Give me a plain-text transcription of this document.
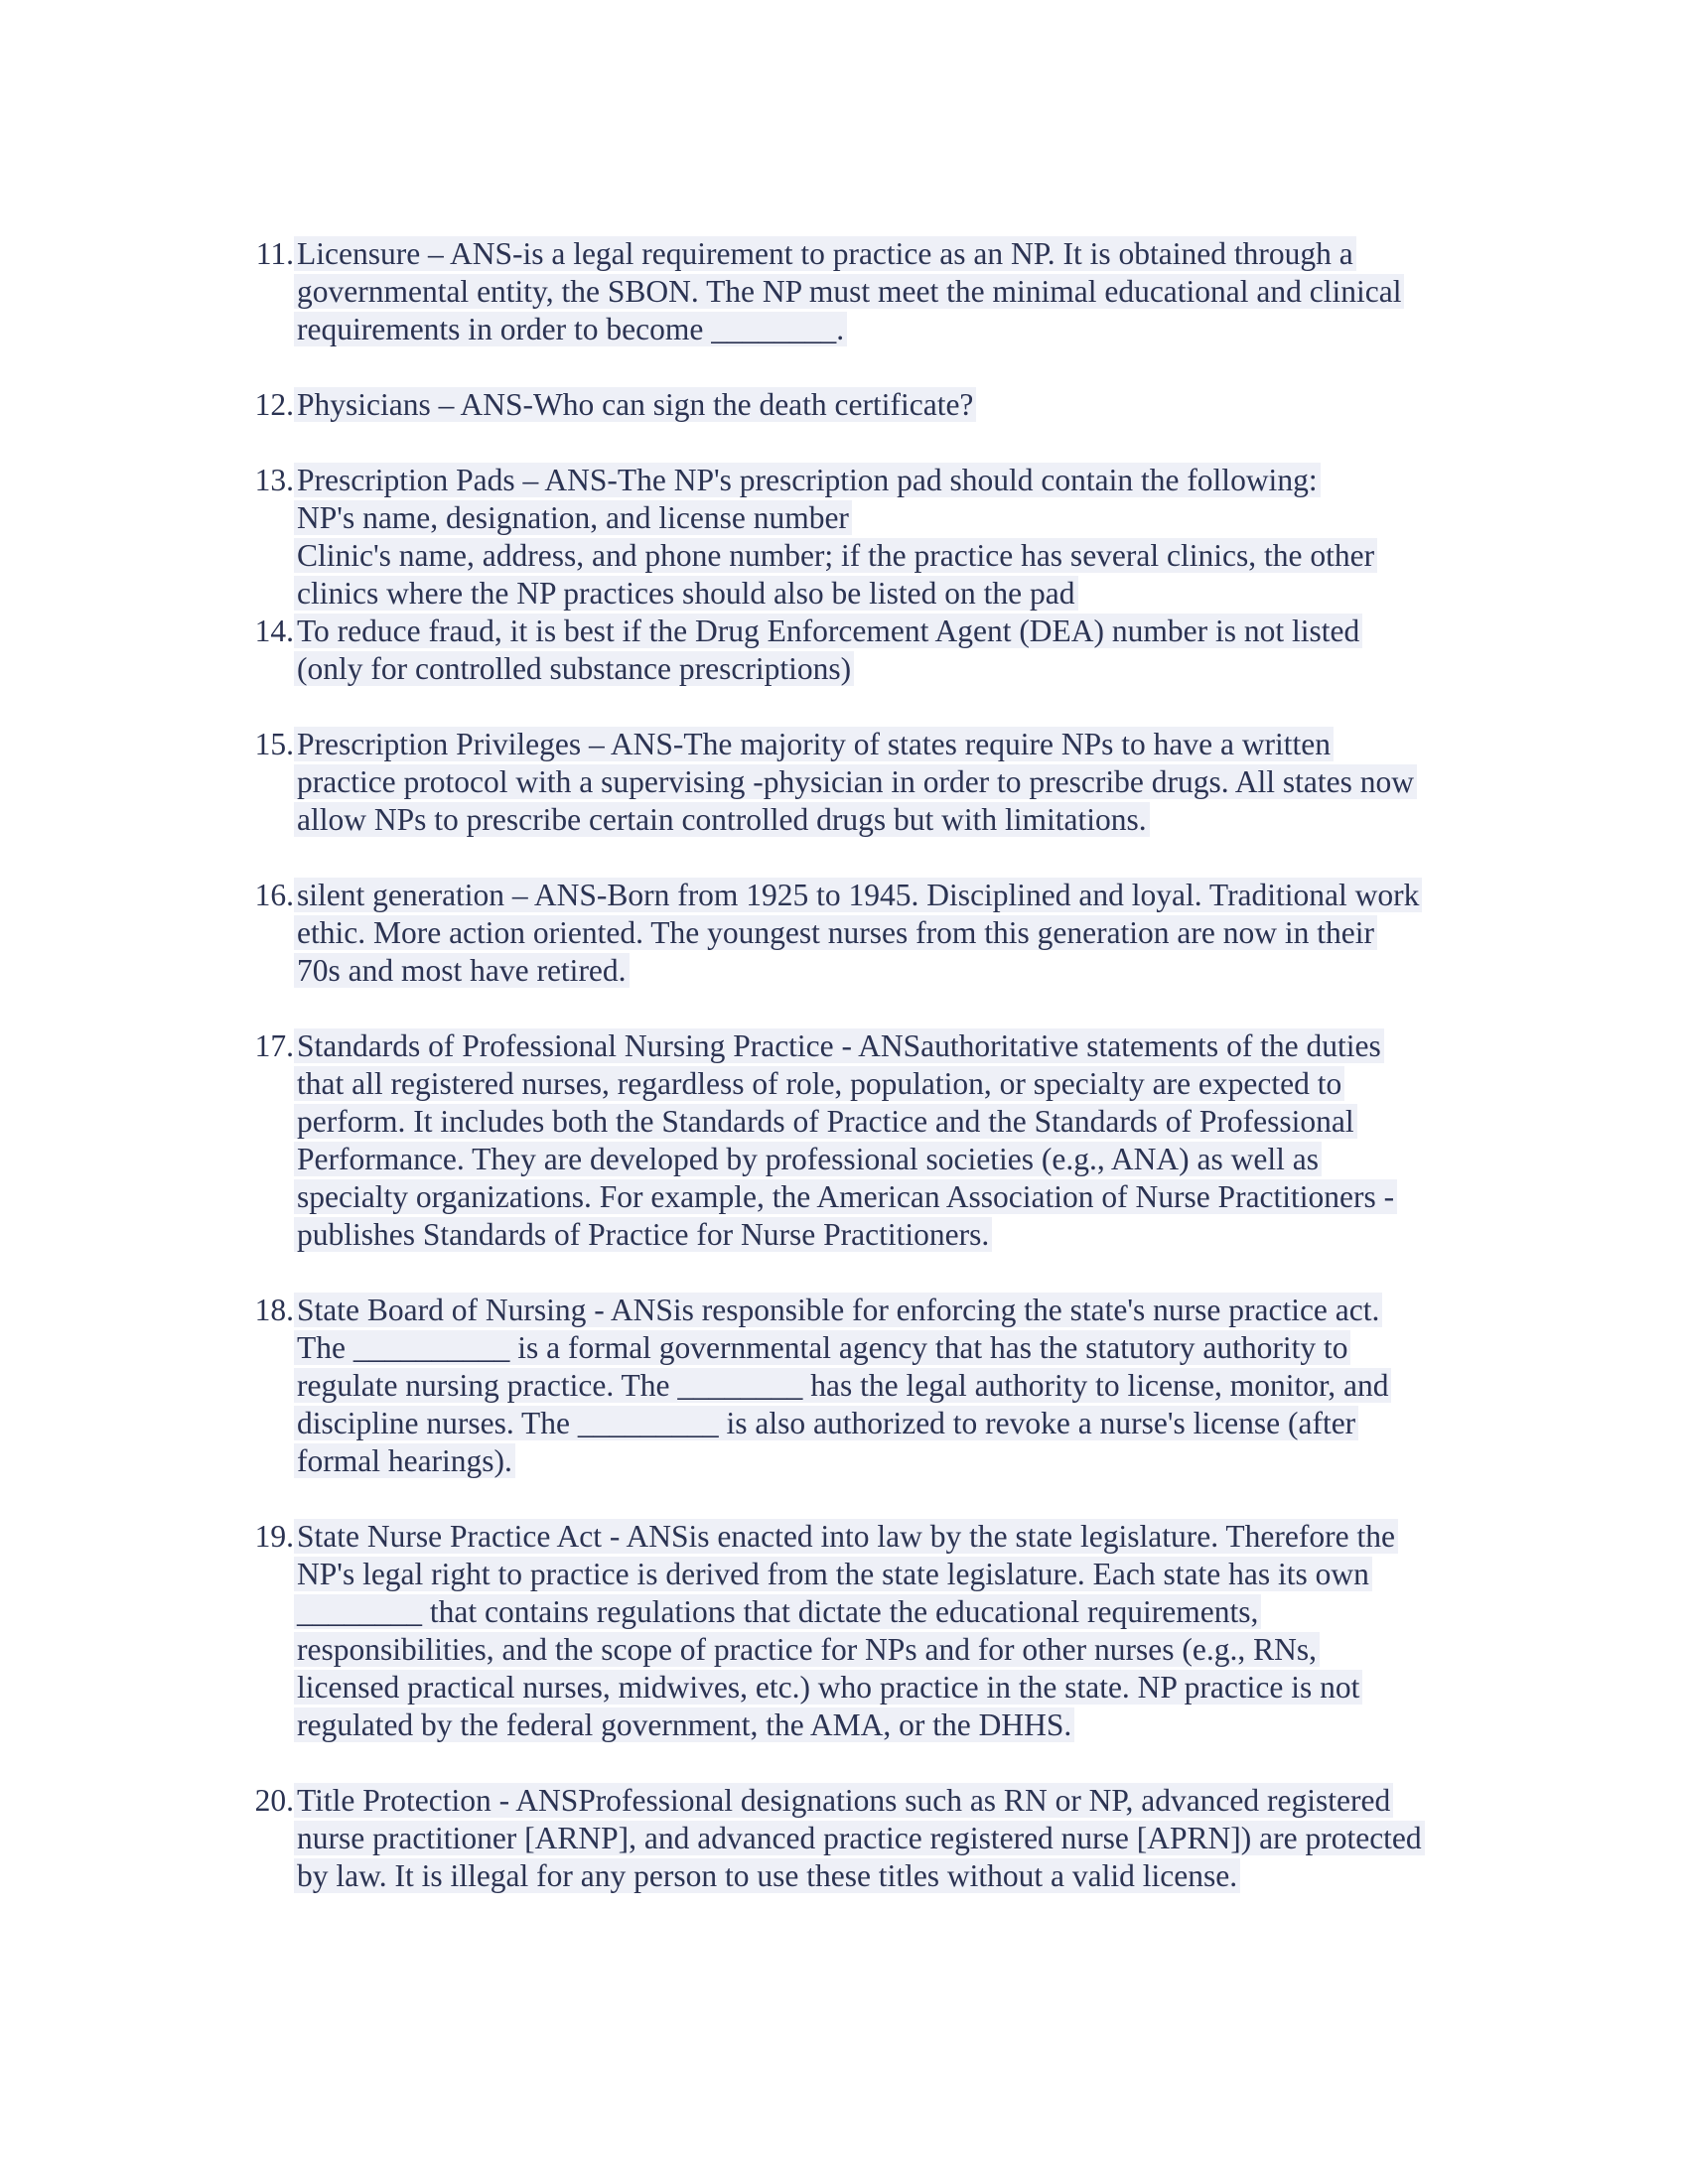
11. Licensure – ANS-is a legal requirement to practice as an NP. It is obtained through a
governmental entity, the SBON. The NP must meet the minimal educational and clinical
requirements in order to become ________.
12. Physicians – ANS-Who can sign the death certificate?
13. Prescription Pads – ANS-The NP's prescription pad should contain the following:
NP's name, designation, and license number
Clinic's name, address, and phone number; if the practice has several clinics, the other
clinics where the NP practices should also be listed on the pad
14. To reduce fraud, it is best if the Drug Enforcement Agent (DEA) number is not listed
(only for controlled substance prescriptions)
15. Prescription Privileges – ANS-The majority of states require NPs to have a written
practice protocol with a supervising -physician in order to prescribe drugs. All states now
allow NPs to prescribe certain controlled drugs but with limitations.
16. silent generation – ANS-Born from 1925 to 1945. Disciplined and loyal. Traditional work
ethic. More action oriented. The youngest nurses from this generation are now in their
70s and most have retired.
17. Standards of Professional Nursing Practice - ANSauthoritative statements of the duties
that all registered nurses, regardless of role, population, or specialty are expected to
perform. It includes both the Standards of Practice and the Standards of Professional
Performance. They are developed by professional societies (e.g., ANA) as well as
specialty organizations. For example, the American Association of Nurse Practitioners -
publishes Standards of Practice for Nurse Practitioners.
18. State Board of Nursing - ANSis responsible for enforcing the state's nurse practice act.
The __________ is a formal governmental agency that has the statutory authority to
regulate nursing practice. The ________ has the legal authority to license, monitor, and
discipline nurses. The _________ is also authorized to revoke a nurse's license (after
formal hearings).
19. State Nurse Practice Act - ANSis enacted into law by the state legislature. Therefore the
NP's legal right to practice is derived from the state legislature. Each state has its own
________ that contains regulations that dictate the educational requirements,
responsibilities, and the scope of practice for NPs and for other nurses (e.g., RNs,
licensed practical nurses, midwives, etc.) who practice in the state. NP practice is not
regulated by the federal government, the AMA, or the DHHS.
20. Title Protection - ANSProfessional designations such as RN or NP, advanced registered
nurse practitioner [ARNP], and advanced practice registered nurse [APRN]) are protected
by law. It is illegal for any person to use these titles without a valid license.
